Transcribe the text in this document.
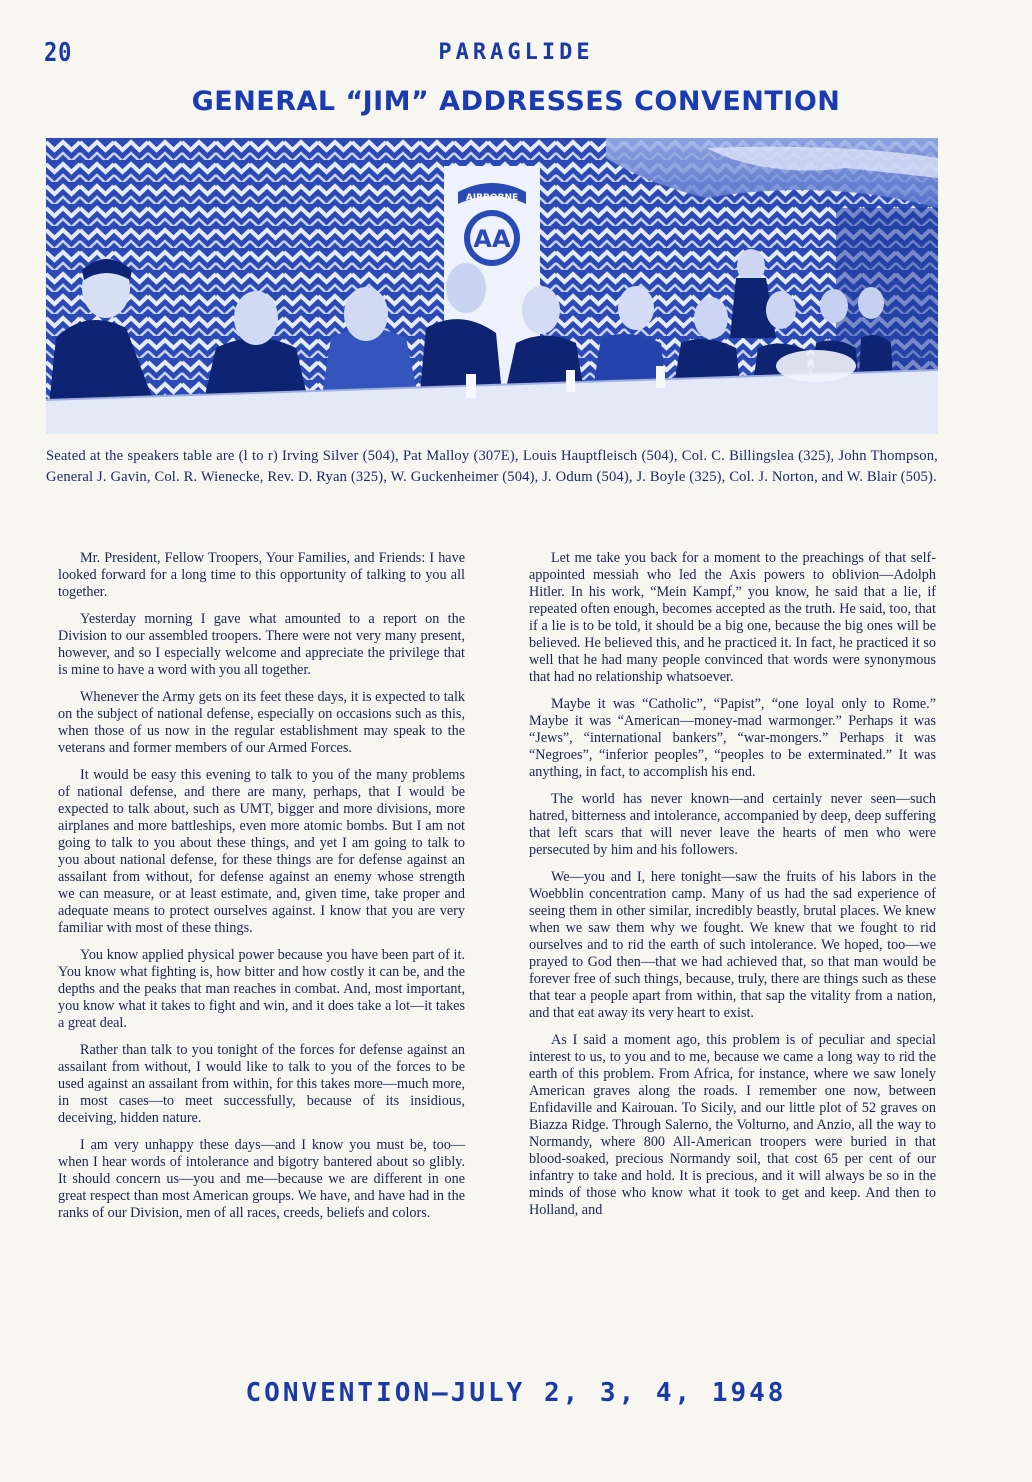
20	PARAGLIDE
GENERAL “JIM” ADDRESSES CONVENTION
AIRBORNE
AA
Seated at the speakers table are (l to r) Irving Silver (504), Pat Malloy (307E), Louis Hauptfleisch (504), Col. C. Billingslea (325), John Thompson, General J. Gavin, Col. R. Wienecke, Rev. D. Ryan (325), W. Guckenheimer (504), J. Odum (504), J. Boyle (325), Col. J. Norton, and W. Blair (505).

Mr. President, Fellow Troopers, Your Families, and Friends: I have looked forward for a long time to this opportunity of talking to you all together.

Yesterday morning I gave what amounted to a report on the Division to our assembled troopers. There were not very many present, however, and so I especially welcome and appreciate the privilege that is mine to have a word with you all together.

Whenever the Army gets on its feet these days, it is expected to talk on the subject of national defense, especially on occasions such as this, when those of us now in the regular establishment may speak to the veterans and former members of our Armed Forces.

It would be easy this evening to talk to you of the many problems of national defense, and there are many, perhaps, that I would be expected to talk about, such as UMT, bigger and more divisions, more airplanes and more battleships, even more atomic bombs. But I am not going to talk to you about these things, and yet I am going to talk to you about national defense, for these things are for defense against an assailant from without, for defense against an enemy whose strength we can measure, or at least estimate, and, given time, take proper and adequate means to protect ourselves against. I know that you are very familiar with most of these things.

You know applied physical power because you have been part of it. You know what fighting is, how bitter and how costly it can be, and the depths and the peaks that man reaches in combat. And, most important, you know what it takes to fight and win, and it does take a lot—it takes a great deal.

Rather than talk to you tonight of the forces for defense against an assailant from without, I would like to talk to you of the forces to be used against an assailant from within, for this takes more—much more, in most cases—to meet successfully, because of its insidious, deceiving, hidden nature.

I am very unhappy these days—and I know you must be, too—when I hear words of intolerance and bigotry bantered about so glibly. It should concern us—you and me—because we are different in one great respect than most American groups. We have, and have had in the ranks of our Division, men of all races, creeds, beliefs and colors.

Let me take you back for a moment to the preachings of that self-appointed messiah who led the Axis powers to oblivion—Adolph Hitler. In his work, “Mein Kampf,” you know, he said that a lie, if repeated often enough, becomes accepted as the truth. He said, too, that if a lie is to be told, it should be a big one, because the big ones will be believed. He believed this, and he practiced it. In fact, he practiced it so well that he had many people convinced that words were synonymous that had no relationship whatsoever.

Maybe it was “Catholic”, “Papist”, “one loyal only to Rome.” Maybe it was “American—money-mad warmonger.” Perhaps it was “Jews”, “international bankers”, “war-mongers.” Perhaps it was “Negroes”, “inferior peoples”, “peoples to be exterminated.” It was anything, in fact, to accomplish his end.

The world has never known—and certainly never seen—such hatred, bitterness and intolerance, accompanied by deep, deep suffering that left scars that will never leave the hearts of men who were persecuted by him and his followers.

We—you and I, here tonight—saw the fruits of his labors in the Woebblin concentration camp. Many of us had the sad experience of seeing them in other similar, incredibly beastly, brutal places. We knew when we saw them why we fought. We knew that we fought to rid ourselves and to rid the earth of such intolerance. We hoped, too—we prayed to God then—that we had achieved that, so that man would be forever free of such things, because, truly, there are things such as these that tear a people apart from within, that sap the vitality from a nation, and that eat away its very heart to exist.

As I said a moment ago, this problem is of peculiar and special interest to us, to you and to me, because we came a long way to rid the earth of this problem. From Africa, for instance, where we saw lonely American graves along the roads. I remember one now, between Enfidaville and Kairouan. To Sicily, and our little plot of 52 graves on Biazza Ridge. Through Salerno, the Volturno, and Anzio, all the way to Normandy, where 800 All-American troopers were buried in that blood-soaked, precious Normandy soil, that cost 65 per cent of our infantry to take and hold. It is precious, and it will always be so in the minds of those who know what it took to get and keep. And then to Holland, and

CONVENTION—JULY 2, 3, 4, 1948
